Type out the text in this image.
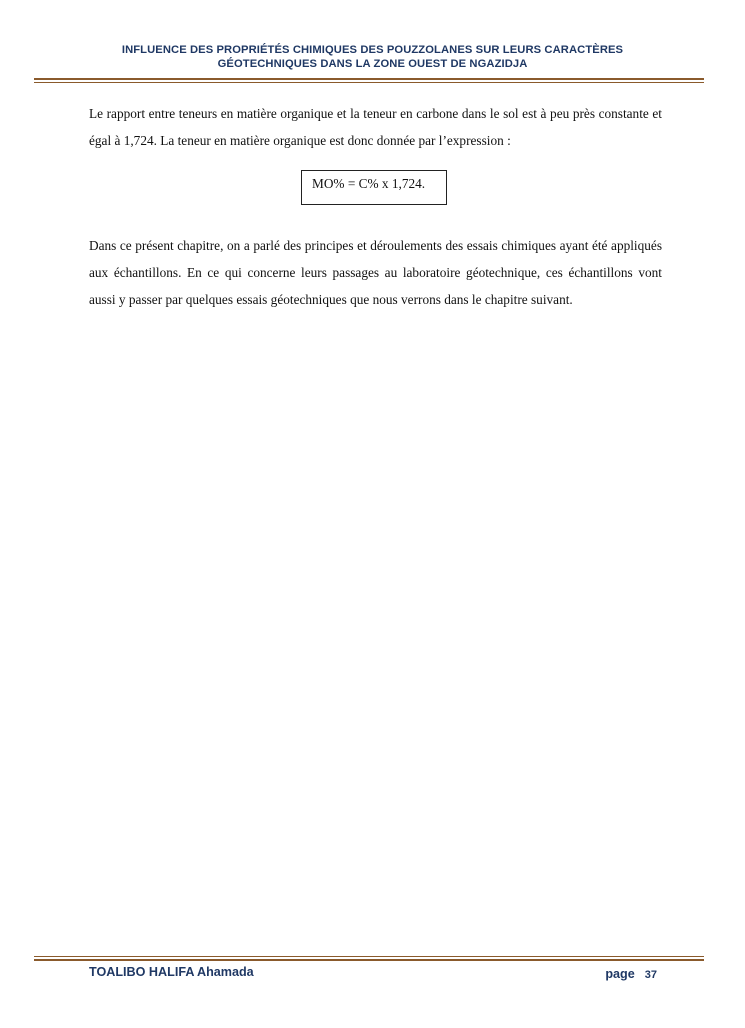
INFLUENCE DES PROPRIÉTÉS CHIMIQUES DES POUZZOLANES SUR LEURS CARACTÈRES
GÉOTECHNIQUES DANS LA ZONE OUEST DE NGAZIDJA

Le rapport entre teneurs en matière organique et la teneur en carbone dans le sol est à peu près constante et égal à 1,724. La teneur en matière organique est donc donnée par l’expression :

MO% = C% x 1,724.

Dans ce présent chapitre, on a parlé des principes et déroulements des essais chimiques ayant été appliqués aux échantillons. En ce qui concerne leurs passages au laboratoire géotechnique, ces échantillons vont aussi y passer par quelques essais géotechniques que nous verrons dans le chapitre suivant.

TOALIBO HALIFA Ahamada	page 37
